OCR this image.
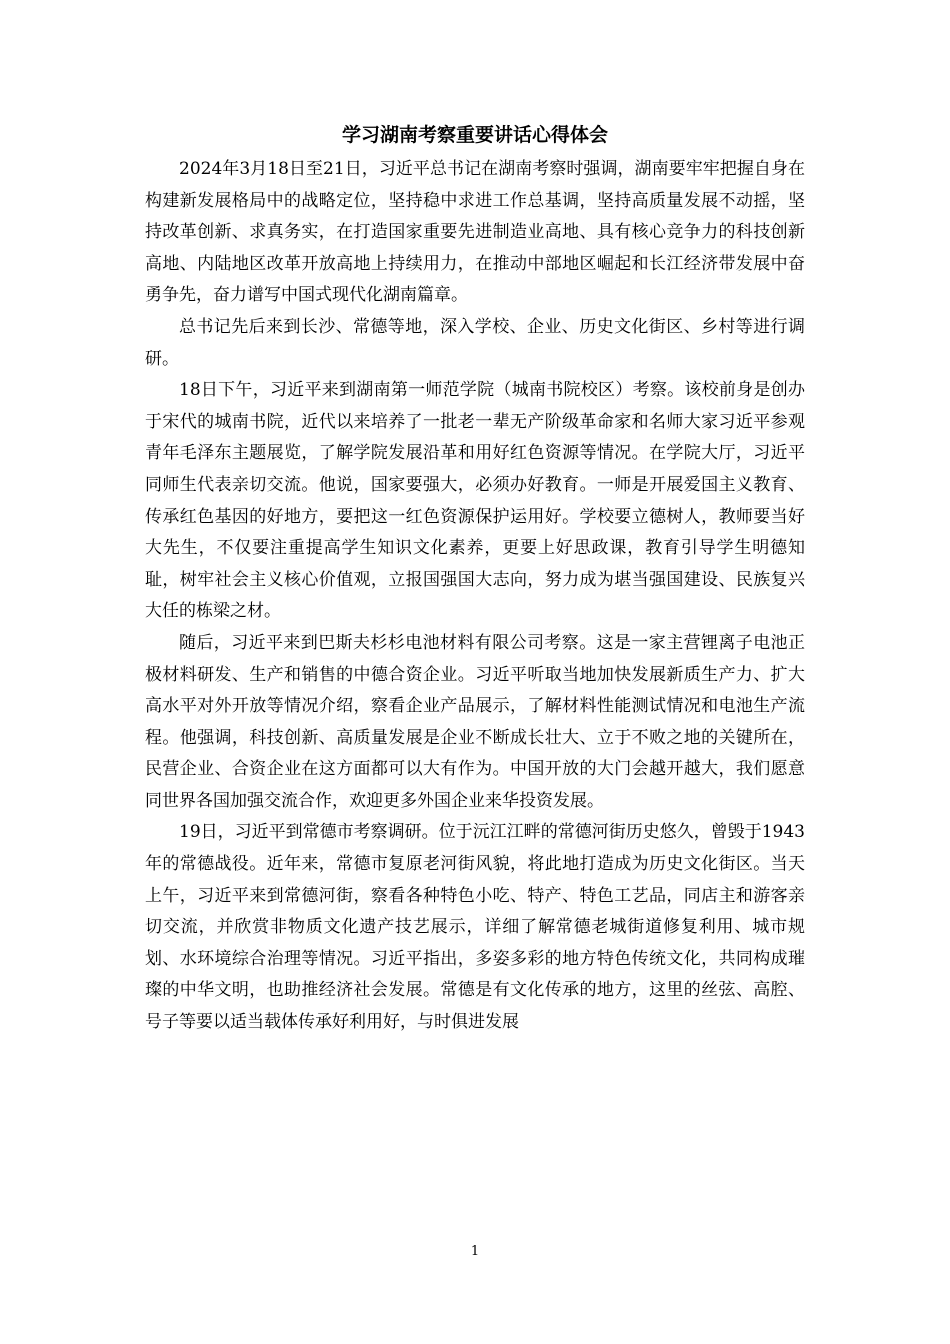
学习湖南考察重要讲话心得体会

2024年3月18日至21日，习近平总书记在湖南考察时强调，湖南要牢牢把握自身在构建新发展格局中的战略定位，坚持稳中求进工作总基调，坚持高质量发展不动摇，坚持改革创新、求真务实，在打造国家重要先进制造业高地、具有核心竞争力的科技创新高地、内陆地区改革开放高地上持续用力，在推动中部地区崛起和长江经济带发展中奋勇争先，奋力谱写中国式现代化湖南篇章。

总书记先后来到长沙、常德等地，深入学校、企业、历史文化街区、乡村等进行调研。

18日下午，习近平来到湖南第一师范学院（城南书院校区）考察。该校前身是创办于宋代的城南书院，近代以来培养了一批老一辈无产阶级革命家和名师大家习近平参观青年毛泽东主题展览，了解学院发展沿革和用好红色资源等情况。在学院大厅，习近平同师生代表亲切交流。他说，国家要强大，必须办好教育。一师是开展爱国主义教育、传承红色基因的好地方，要把这一红色资源保护运用好。学校要立德树人，教师要当好大先生，不仅要注重提高学生知识文化素养，更要上好思政课，教育引导学生明德知耻，树牢社会主义核心价值观，立报国强国大志向，努力成为堪当强国建设、民族复兴大任的栋梁之材。

随后，习近平来到巴斯夫杉杉电池材料有限公司考察。这是一家主营锂离子电池正极材料研发、生产和销售的中德合资企业。习近平听取当地加快发展新质生产力、扩大高水平对外开放等情况介绍，察看企业产品展示，了解材料性能测试情况和电池生产流程。他强调，科技创新、高质量发展是企业不断成长壮大、立于不败之地的关键所在，民营企业、合资企业在这方面都可以大有作为。中国开放的大门会越开越大，我们愿意同世界各国加强交流合作，欢迎更多外国企业来华投资发展。

19日，习近平到常德市考察调研。位于沅江江畔的常德河街历史悠久，曾毁于1943年的常德战役。近年来，常德市复原老河街风貌，将此地打造成为历史文化街区。当天上午，习近平来到常德河街，察看各种特色小吃、特产、特色工艺品，同店主和游客亲切交流，并欣赏非物质文化遗产技艺展示，详细了解常德老城街道修复利用、城市规划、水环境综合治理等情况。习近平指出，多姿多彩的地方特色传统文化，共同构成璀璨的中华文明，也助推经济社会发展。常德是有文化传承的地方，这里的丝弦、高腔、号子等要以适当载体传承好利用好，与时俱进发展

1
